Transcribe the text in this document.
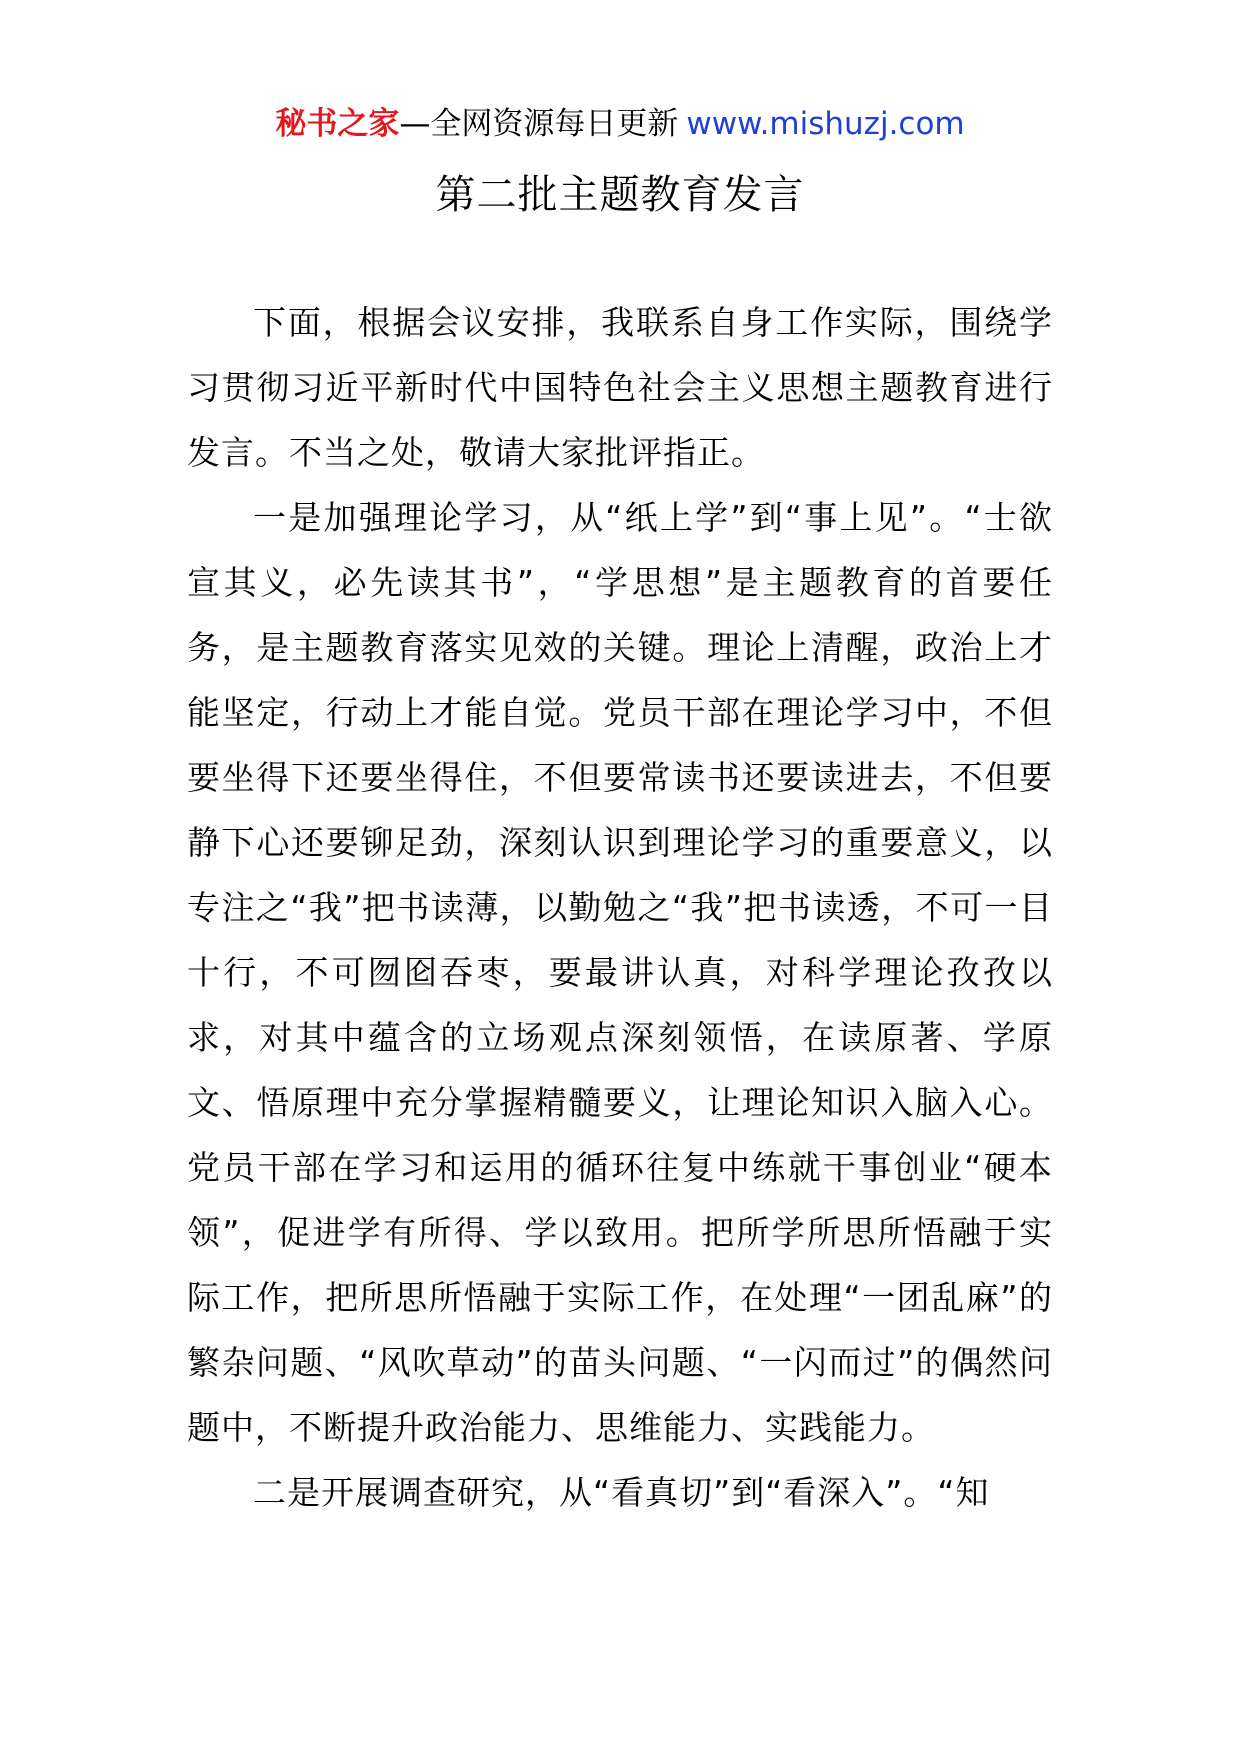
秘书之家—全网资源每日更新 www.mishuzj.com
第二批主题教育发言

下面，根据会议安排，我联系自身工作实际，围绕学习贯彻习近平新时代中国特色社会主义思想主题教育进行发言。不当之处，敬请大家批评指正。

一是加强理论学习，从“纸上学”到“事上见”。“士欲宣其义，必先读其书”，“学思想”是主题教育的首要任务，是主题教育落实见效的关键。理论上清醒，政治上才能坚定，行动上才能自觉。党员干部在理论学习中，不但要坐得下还要坐得住，不但要常读书还要读进去，不但要静下心还要铆足劲，深刻认识到理论学习的重要意义，以专注之“我”把书读薄，以勤勉之“我”把书读透，不可一目十行，不可囫囵吞枣，要最讲认真，对科学理论孜孜以求，对其中蕴含的立场观点深刻领悟，在读原著、学原文、悟原理中充分掌握精髓要义，让理论知识入脑入心。党员干部在学习和运用的循环往复中练就干事创业“硬本领”，促进学有所得、学以致用。把所学所思所悟融于实际工作，把所思所悟融于实际工作，在处理“一团乱麻”的繁杂问题、“风吹草动”的苗头问题、“一闪而过”的偶然问题中，不断提升政治能力、思维能力、实践能力。

二是开展调查研究，从“看真切”到“看深入”。“知
